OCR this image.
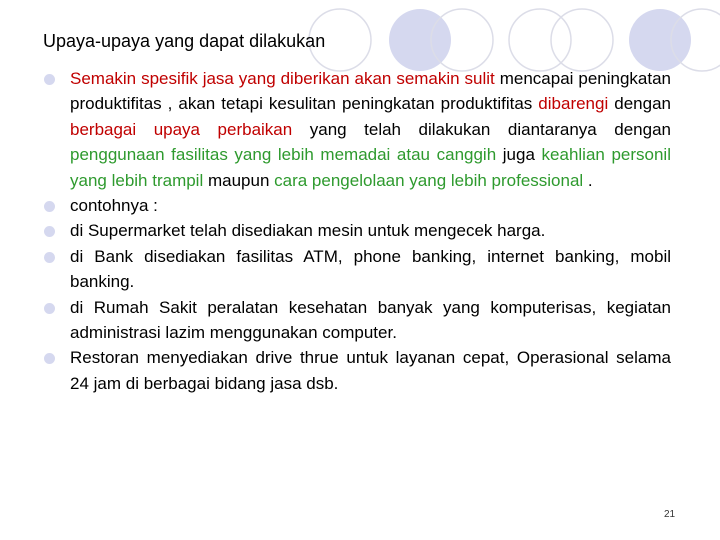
Upaya-upaya yang dapat dilakukan
Semakin spesifik jasa yang diberikan akan semakin sulit mencapai peningkatan produktifitas , akan tetapi kesulitan peningkatan produktifitas dibarengi dengan berbagai upaya perbaikan yang telah dilakukan diantaranya dengan penggunaan fasilitas yang lebih memadai atau canggih juga keahlian personil yang lebih trampil maupun cara pengelolaan yang lebih professional .
contohnya :
di Supermarket telah disediakan mesin untuk mengecek harga.
di Bank disediakan fasilitas ATM, phone banking, internet banking, mobil banking.
di Rumah Sakit peralatan kesehatan banyak yang komputerisas, kegiatan administrasi lazim menggunakan computer.
Restoran menyediakan drive thrue untuk layanan cepat, Operasional selama 24 jam di berbagai bidang jasa dsb.
21
